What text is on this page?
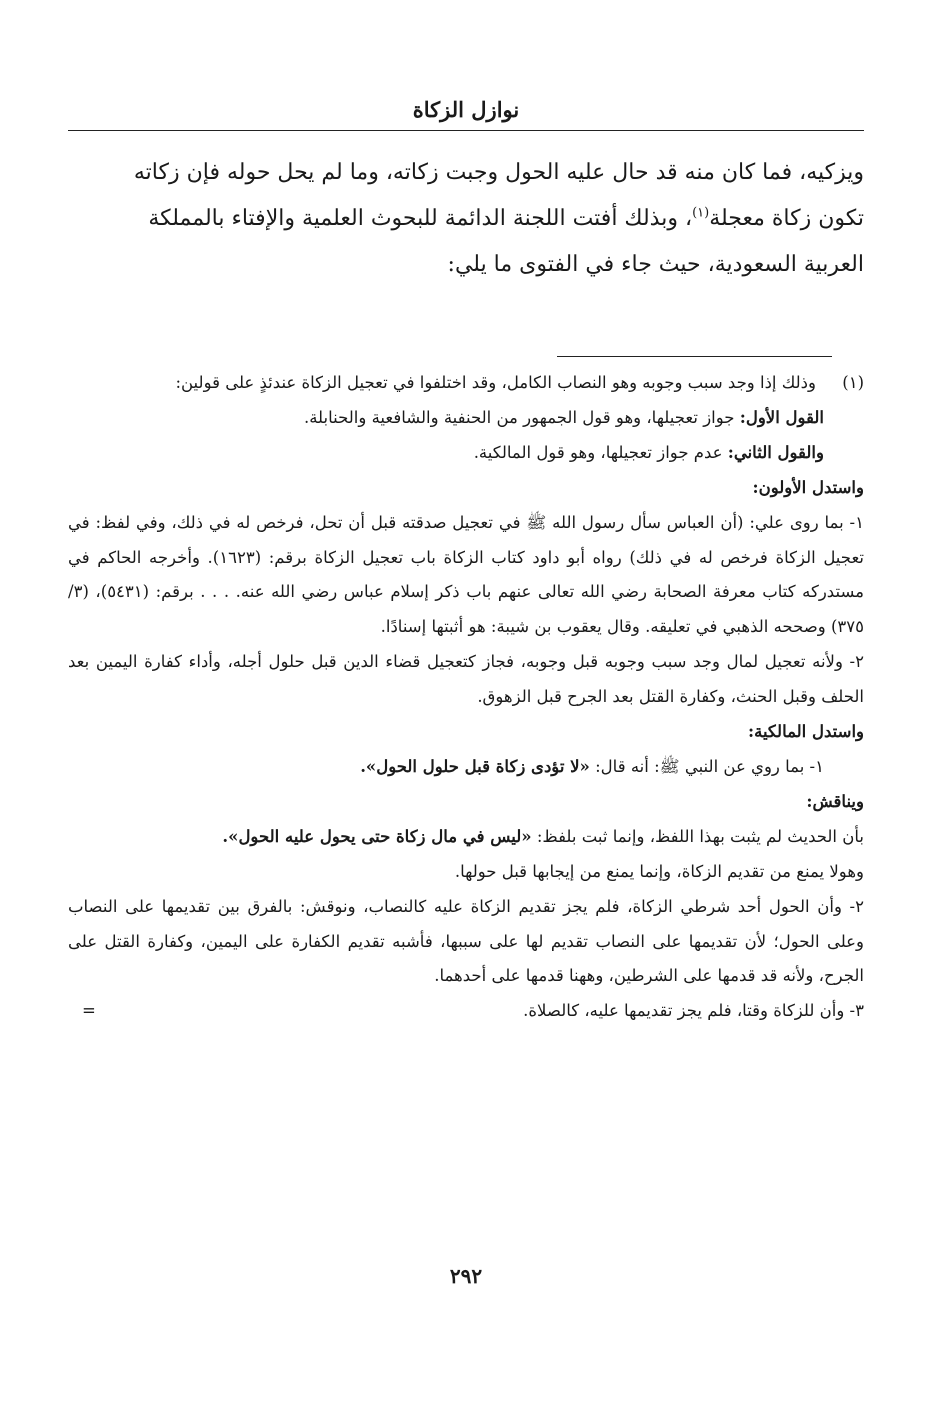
نوازل الزكاة

ويزكيه، فما كان منه قد حال عليه الحول وجبت زكاته، وما لم يحل حوله فإن زكاته

تكون زكاة معجلة$^{(١)}$، وبذلك أفتت اللجنة الدائمة للبحوث العلمية والإفتاء بالمملكة

العربية السعودية، حيث جاء في الفتوى ما يلي:

(١)
وذلك إذا وجد سبب وجوبه وهو النصاب الكامل، وقد اختلفوا في تعجيل الزكاة عندئذٍ على قولين:

القول الأول: جواز تعجيلها، وهو قول الجمهور من الحنفية والشافعية والحنابلة.

والقول الثاني: عدم جواز تعجيلها، وهو قول المالكية.

واستدل الأولون:

١- بما روى علي: (أن العباس سأل رسول الله ﷺ في تعجيل صدقته قبل أن تحل، فرخص له في ذلك، وفي لفظ: في تعجيل الزكاة فرخص له في ذلك) رواه أبو داود كتاب الزكاة باب تعجيل الزكاة برقم: (١٦٢٣). وأخرجه الحاكم في مستدركه كتاب معرفة الصحابة رضي الله تعالى عنهم باب ذكر إسلام عباس رضي الله عنه. . . . برقم: (٥٤٣١)، (٣/ ٣٧٥) وصححه الذهبي في تعليقه. وقال يعقوب بن شيبة: هو أثبتها إسنادًا.

٢- ولأنه تعجيل لمال وجد سبب وجوبه قبل وجوبه، فجاز كتعجيل قضاء الدين قبل حلول أجله، وأداء كفارة اليمين بعد الحلف وقبل الحنث، وكفارة القتل بعد الجرح قبل الزهوق.

واستدل المالكية:

١- بما روي عن النبي ﷺ: أنه قال: «لا تؤدى زكاة قبل حلول الحول».

ويناقش:

بأن الحديث لم يثبت بهذا اللفظ، وإنما ثبت بلفظ: «ليس في مال زكاة حتى يحول عليه الحول».

وهولا يمنع من تقديم الزكاة، وإنما يمنع من إيجابها قبل حولها.

٢- وأن الحول أحد شرطي الزكاة، فلم يجز تقديم الزكاة عليه كالنصاب، ونوقش: بالفرق بين تقديمها على النصاب وعلى الحول؛ لأن تقديمها على النصاب تقديم لها على سببها، فأشبه تقديم الكفارة على اليمين، وكفارة القتل على الجرح، ولأنه قد قدمها على الشرطين، وههنا قدمها على أحدهما.

٣- وأن للزكاة وقتا، فلم يجز تقديمها عليه، كالصلاة.
=

٢٩٢
